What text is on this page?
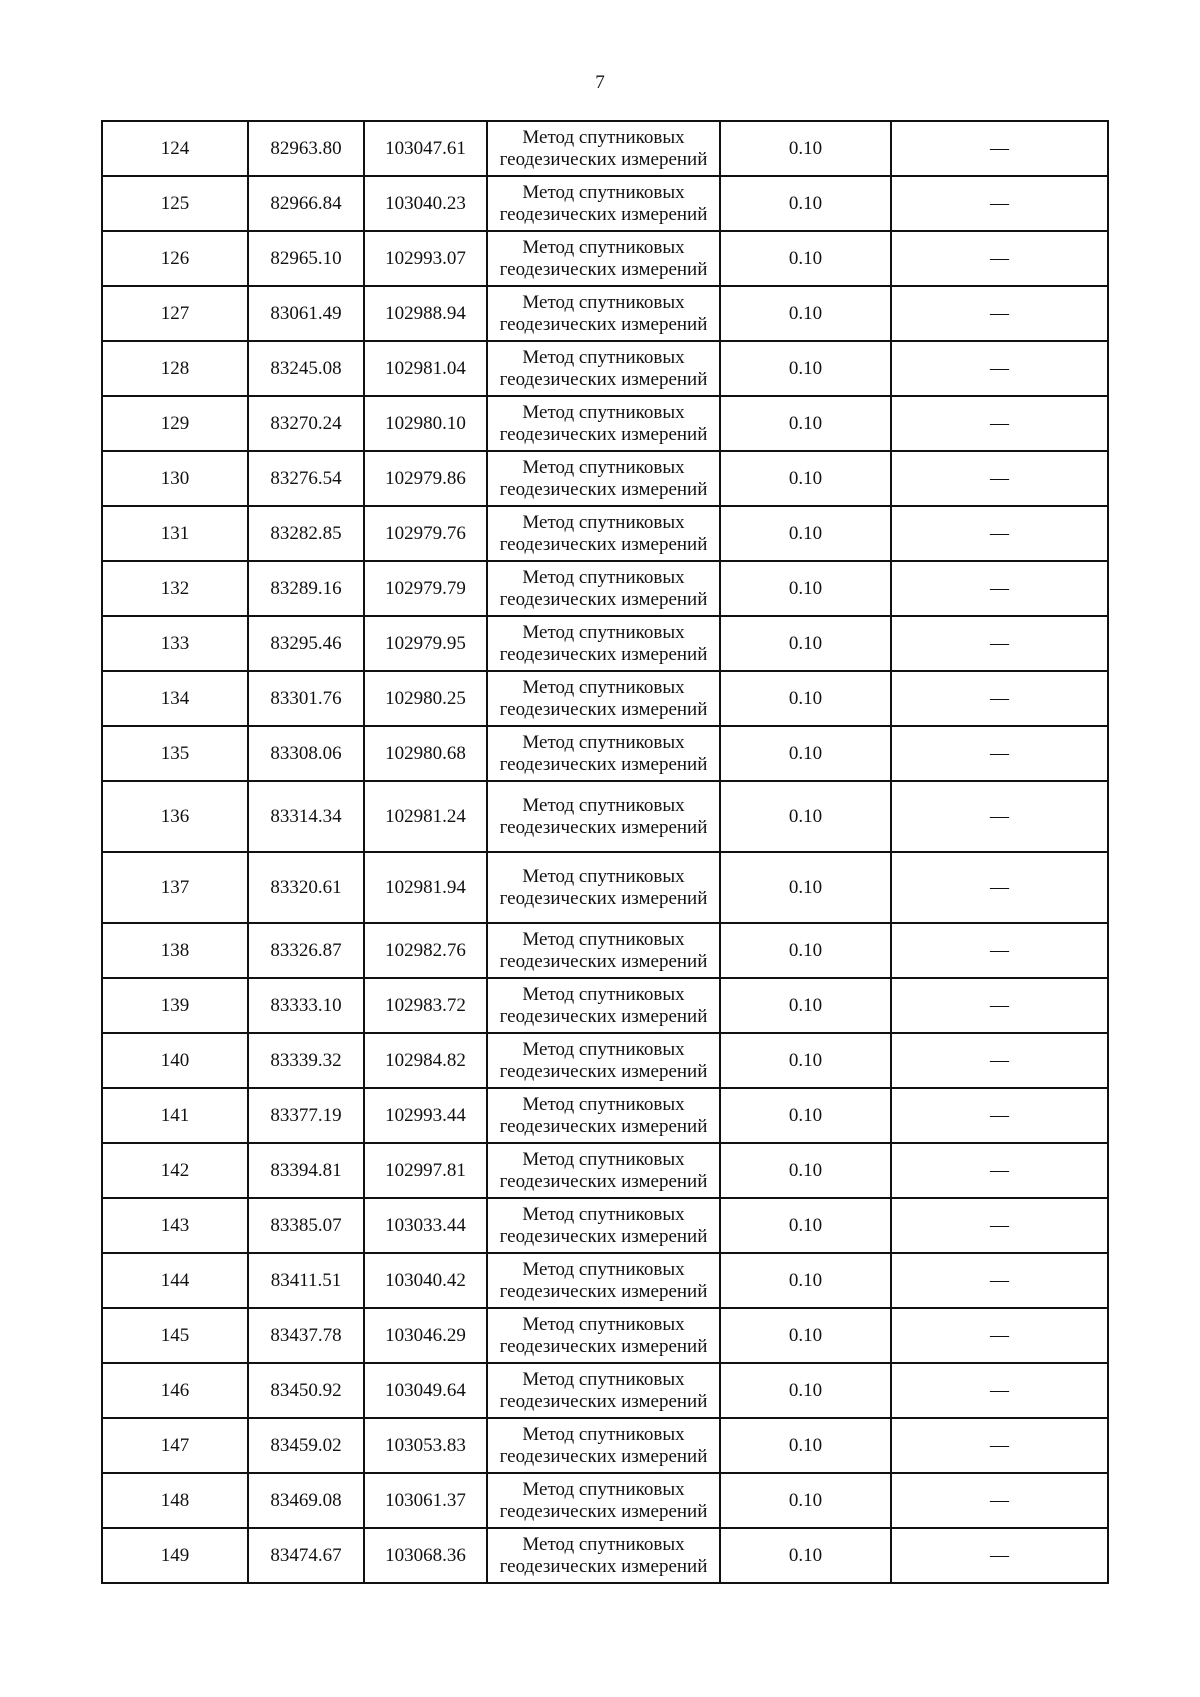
7
124	82963.80	103047.61	Метод спутниковых
геодезических измерений	0.10	—
125	82966.84	103040.23	Метод спутниковых
геодезических измерений	0.10	—
126	82965.10	102993.07	Метод спутниковых
геодезических измерений	0.10	—
127	83061.49	102988.94	Метод спутниковых
геодезических измерений	0.10	—
128	83245.08	102981.04	Метод спутниковых
геодезических измерений	0.10	—
129	83270.24	102980.10	Метод спутниковых
геодезических измерений	0.10	—
130	83276.54	102979.86	Метод спутниковых
геодезических измерений	0.10	—
131	83282.85	102979.76	Метод спутниковых
геодезических измерений	0.10	—
132	83289.16	102979.79	Метод спутниковых
геодезических измерений	0.10	—
133	83295.46	102979.95	Метод спутниковых
геодезических измерений	0.10	—
134	83301.76	102980.25	Метод спутниковых
геодезических измерений	0.10	—
135	83308.06	102980.68	Метод спутниковых
геодезических измерений	0.10	—
136	83314.34	102981.24	Метод спутниковых
геодезических измерений	0.10	—
137	83320.61	102981.94	Метод спутниковых
геодезических измерений	0.10	—
138	83326.87	102982.76	Метод спутниковых
геодезических измерений	0.10	—
139	83333.10	102983.72	Метод спутниковых
геодезических измерений	0.10	—
140	83339.32	102984.82	Метод спутниковых
геодезических измерений	0.10	—
141	83377.19	102993.44	Метод спутниковых
геодезических измерений	0.10	—
142	83394.81	102997.81	Метод спутниковых
геодезических измерений	0.10	—
143	83385.07	103033.44	Метод спутниковых
геодезических измерений	0.10	—
144	83411.51	103040.42	Метод спутниковых
геодезических измерений	0.10	—
145	83437.78	103046.29	Метод спутниковых
геодезических измерений	0.10	—
146	83450.92	103049.64	Метод спутниковых
геодезических измерений	0.10	—
147	83459.02	103053.83	Метод спутниковых
геодезических измерений	0.10	—
148	83469.08	103061.37	Метод спутниковых
геодезических измерений	0.10	—
149	83474.67	103068.36	Метод спутниковых
геодезических измерений	0.10	—
